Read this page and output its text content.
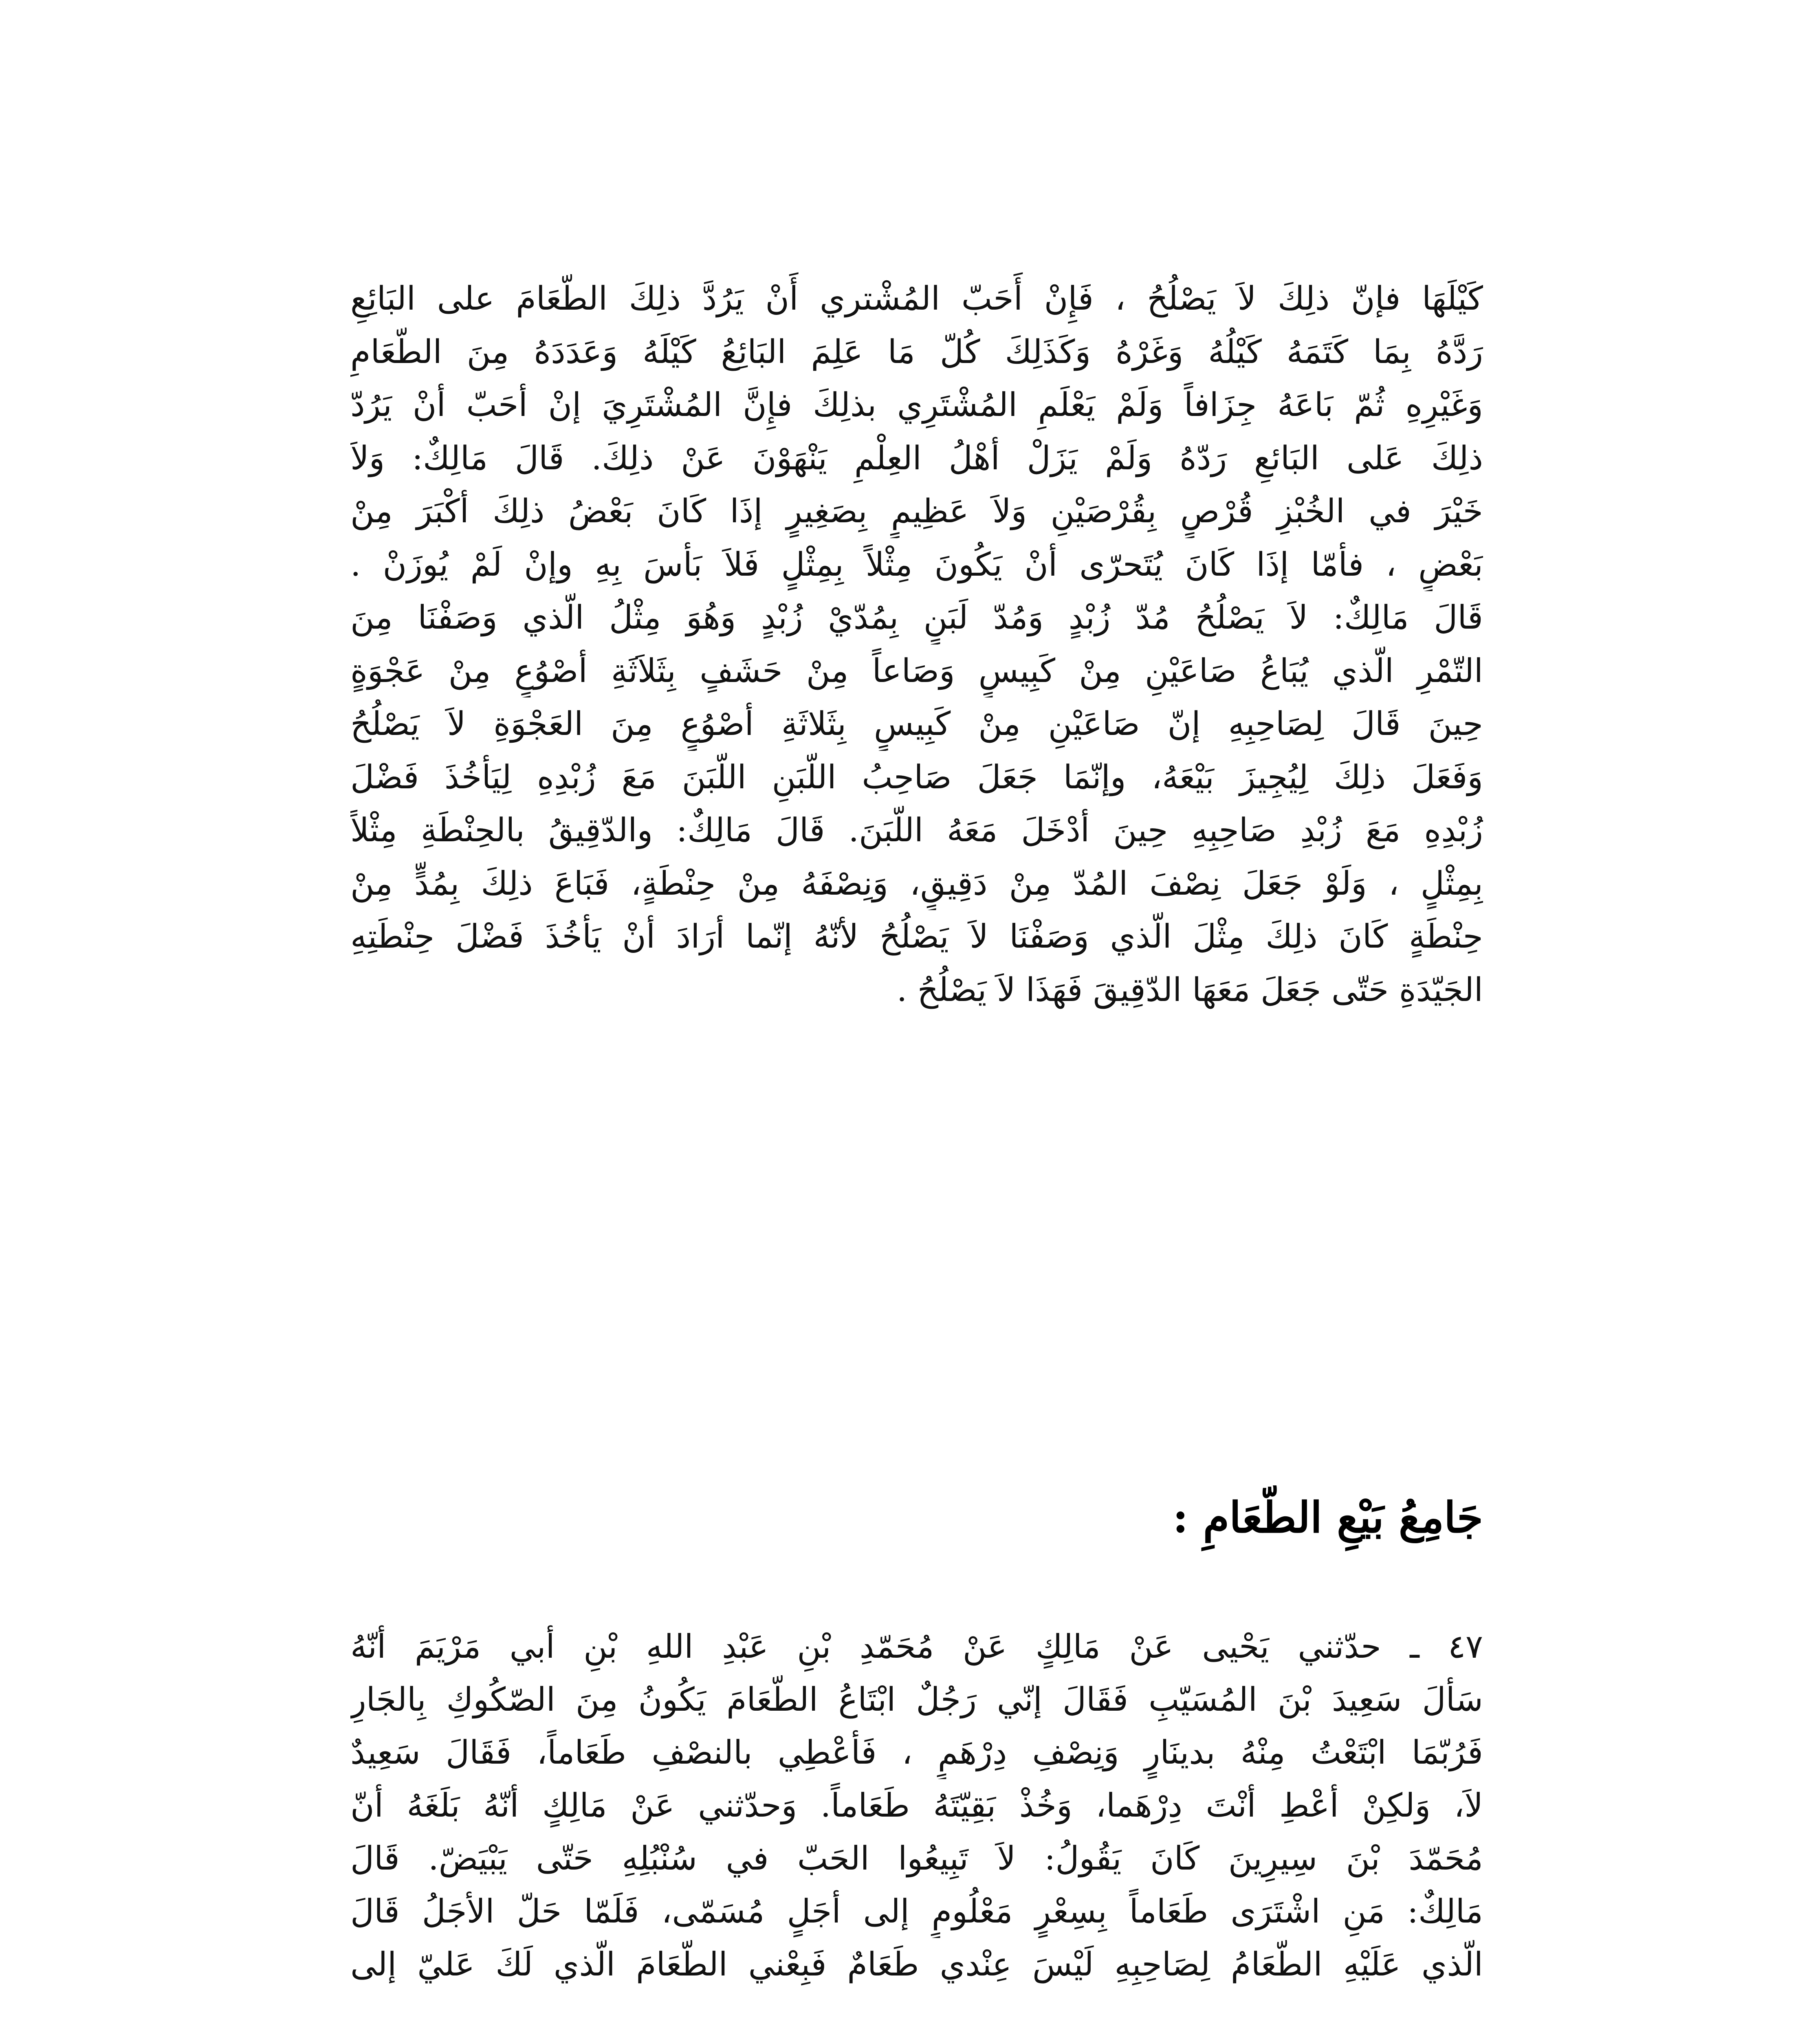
كَيْلَهَا فإنّ ذلِكَ لاَ يَصْلُحُ ، فَإِنْ أَحَبّ المُشْتري أَنْ يَرُدَّ ذلِكَ الطّعَامَ على البَائِعِ
رَدَّهُ بِمَا كَتَمَهُ كَيْلُهُ وَغَرْهُ وَكَذَلِكَ كُلّ مَا عَلِمَ البَائِعُ كَيْلَهُ وَعَدَدَهُ مِنَ الطّعَامِ
وَغَيْرِهِ ثُمّ بَاعَهُ جِزَافاً وَلَمْ يَعْلَمِ المُشْتَرِي بذلِكَ فإِنَّ المُشْتَرِيَ إنْ أحَبّ أنْ يَرُدّ
ذلِكَ عَلى البَائعِ رَدّهُ وَلَمْ يَزَلْ أهْلُ العِلْمِ يَنْهَوْنَ عَنْ ذلِكَ. قَالَ مَالِكٌ: وَلاَ
خَيْرَ في الخُبْزِ قُرْصٍ بِقُرْصَيْنِ وَلاَ عَظِيمٍ بِصَغِيرٍ إذَا كَانَ بَعْضُ ذلِكَ أكْبَرَ مِنْ
بَعْضٍ ، فأمّا إذَا كَانَ يُتَحرّى أنْ يَكُونَ مِثْلاً بِمِثْلٍ فَلاَ بَأسَ بِهِ وإنْ لَمْ يُوزَنْ .
قَالَ مَالِكٌ: لاَ يَصْلُحُ مُدّ زُبْدٍ وَمُدّ لَبَنٍ بِمُدّيْ زُبْدٍ وَهُوَ مِثْلُ الّذي وَصَفْنَا مِنَ
التّمْرِ الّذي يُبَاعُ صَاعَيْنِ مِنْ كَبِيسٍ وَصَاعاً مِنْ حَشَفٍ بِثَلاَثَةِ أصْوُعٍ مِنْ عَجْوَةٍ
حِينَ قَالَ لِصَاحِبِهِ إنّ صَاعَيْنِ مِنْ كَبِيسٍ بِثَلاثَةِ أصْوُعٍ مِنَ العَجْوَةِ لاَ يَصْلُحُ
وَفَعَلَ ذلِكَ لِيُجِيزَ بَيْعَهُ، وإنّمَا جَعَلَ صَاحِبُ اللّبَنِ اللّبَنَ مَعَ زُبْدِهِ لِيَأخُذَ فَضْلَ
زُبْدِهِ مَعَ زُبْدِ صَاحِبِهِ حِينَ أدْخَلَ مَعَهُ اللّبَنَ. قَالَ مَالِكٌ: والدّقِيقُ بالحِنْطَةِ مِثْلاً
بِمِثْلٍ ، وَلَوْ جَعَلَ نِصْفَ المُدّ مِنْ دَقِيقٍ، وَنِصْفَهُ مِنْ حِنْطَةٍ، فَبَاعَ ذلِكَ بِمُدٍّ مِنْ
حِنْطَةٍ كَانَ ذلِكَ مِثْلَ الّذي وَصَفْنَا لاَ يَصْلُحُ لأنّهُ إنّما أرَادَ أنْ يَأخُذَ فَضْلَ حِنْطَتِهِ
الجَيّدَةِ حَتّى جَعَلَ مَعَهَا الدّقِيقَ فَهَذَا لاَ يَصْلُحُ .
جَامِعُ بَيْعِ الطّعَامِ :
٤٧ ـ حدّثني يَحْيى عَنْ مَالِكٍ عَنْ مُحَمّدِ بْنِ عَبْدِ اللهِ بْنِ أبي مَرْيَمَ أنّهُ
سَألَ سَعِيدَ بْنَ المُسَيّبِ فَقَالَ إنّي رَجُلٌ ابْتَاعُ الطّعَامَ يَكُونُ مِنَ الصّكُوكِ بِالجَارِ
فَرُبّمَا ابْتَعْتُ مِنْهُ بدينَارٍ وَنِصْفِ دِرْهَمٍ ، فَأعْطِي بالنصْفِ طَعَاماً، فَقَالَ سَعِيدٌ
لاَ، وَلكِنْ أعْطِ أنْتَ دِرْهَما، وَخُذْ بَقِيّتَهُ طَعَاماً. وَحدّثني عَنْ مَالِكٍ أنّهُ بَلَغَهُ أنّ
مُحَمّدَ بْنَ سِيرِينَ كَانَ يَقُولُ: لاَ تَبِيعُوا الحَبّ في سُنْبُلِهِ حَتّى يَبْيَضّ. قَالَ
مَالِكٌ: مَنِ اشْتَرَى طَعَاماً بِسِعْرٍ مَعْلُومٍ إلى أجَلٍ مُسَمّى، فَلَمّا حَلّ الأجَلُ قَالَ
الّذي عَلَيْهِ الطّعَامُ لِصَاحِبِهِ لَيْسَ عِنْدي طَعَامٌ فَبِعْني الطّعَامَ الّذي لَكَ عَليّ إلى
